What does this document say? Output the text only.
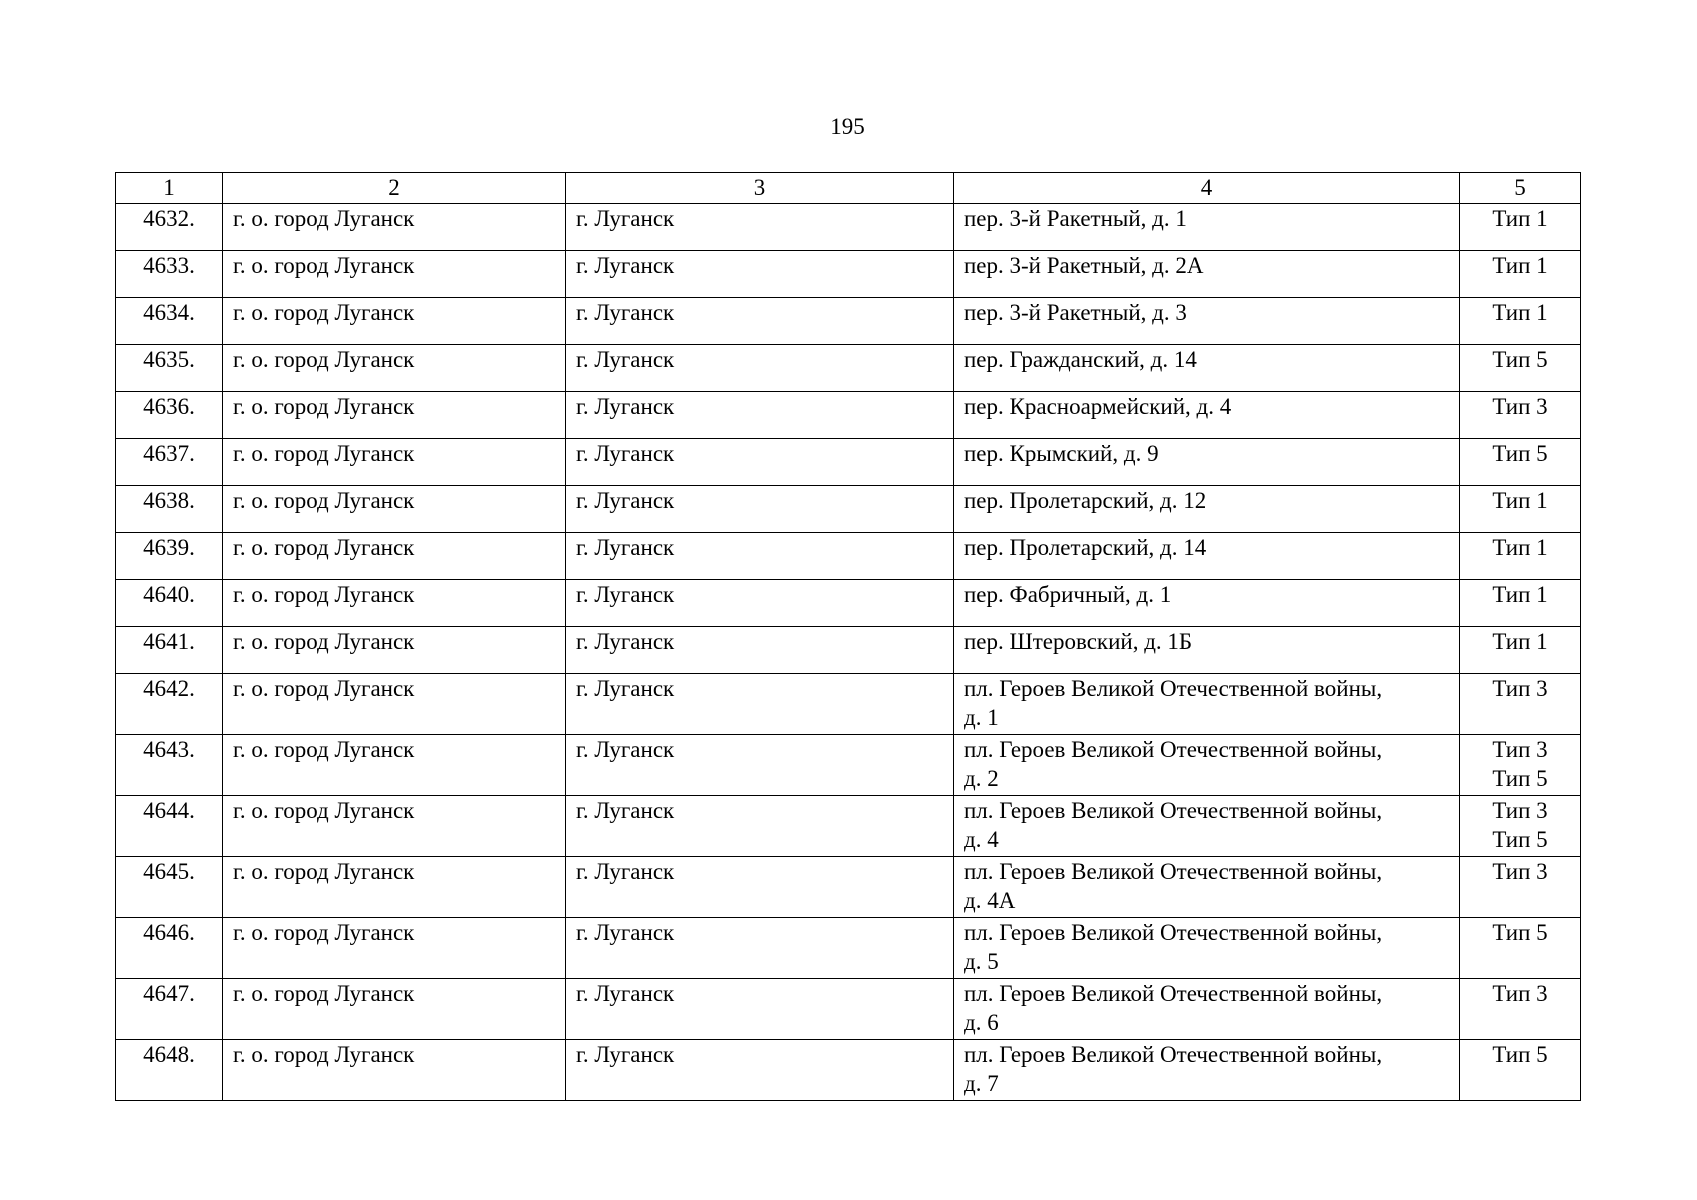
195
1	2	3	4	5
4632.	г. о. город Луганск	г. Луганск	пер. 3-й Ракетный, д. 1	Тип 1

4633.	г. о. город Луганск	г. Луганск	пер. 3-й Ракетный, д. 2А	Тип 1

4634.	г. о. город Луганск	г. Луганск	пер. 3-й Ракетный, д. 3	Тип 1

4635.	г. о. город Луганск	г. Луганск	пер. Гражданский, д. 14	Тип 5

4636.	г. о. город Луганск	г. Луганск	пер. Красноармейский, д. 4	Тип 3

4637.	г. о. город Луганск	г. Луганск	пер. Крымский, д. 9	Тип 5

4638.	г. о. город Луганск	г. Луганск	пер. Пролетарский, д. 12	Тип 1

4639.	г. о. город Луганск	г. Луганск	пер. Пролетарский, д. 14	Тип 1

4640.	г. о. город Луганск	г. Луганск	пер. Фабричный, д. 1	Тип 1

4641.	г. о. город Луганск	г. Луганск	пер. Штеровский, д. 1Б	Тип 1

4642.	г. о. город Луганск	г. Луганск	пл. Героев Великой Отечественной войны,
д. 1	Тип 3

4643.	г. о. город Луганск	г. Луганск	пл. Героев Великой Отечественной войны,
д. 2	Тип 3
Тип 5

4644.	г. о. город Луганск	г. Луганск	пл. Героев Великой Отечественной войны,
д. 4	Тип 3
Тип 5

4645.	г. о. город Луганск	г. Луганск	пл. Героев Великой Отечественной войны,
д. 4А	Тип 3

4646.	г. о. город Луганск	г. Луганск	пл. Героев Великой Отечественной войны,
д. 5	Тип 5

4647.	г. о. город Луганск	г. Луганск	пл. Героев Великой Отечественной войны,
д. 6	Тип 3

4648.	г. о. город Луганск	г. Луганск	пл. Героев Великой Отечественной войны,
д. 7	Тип 5
